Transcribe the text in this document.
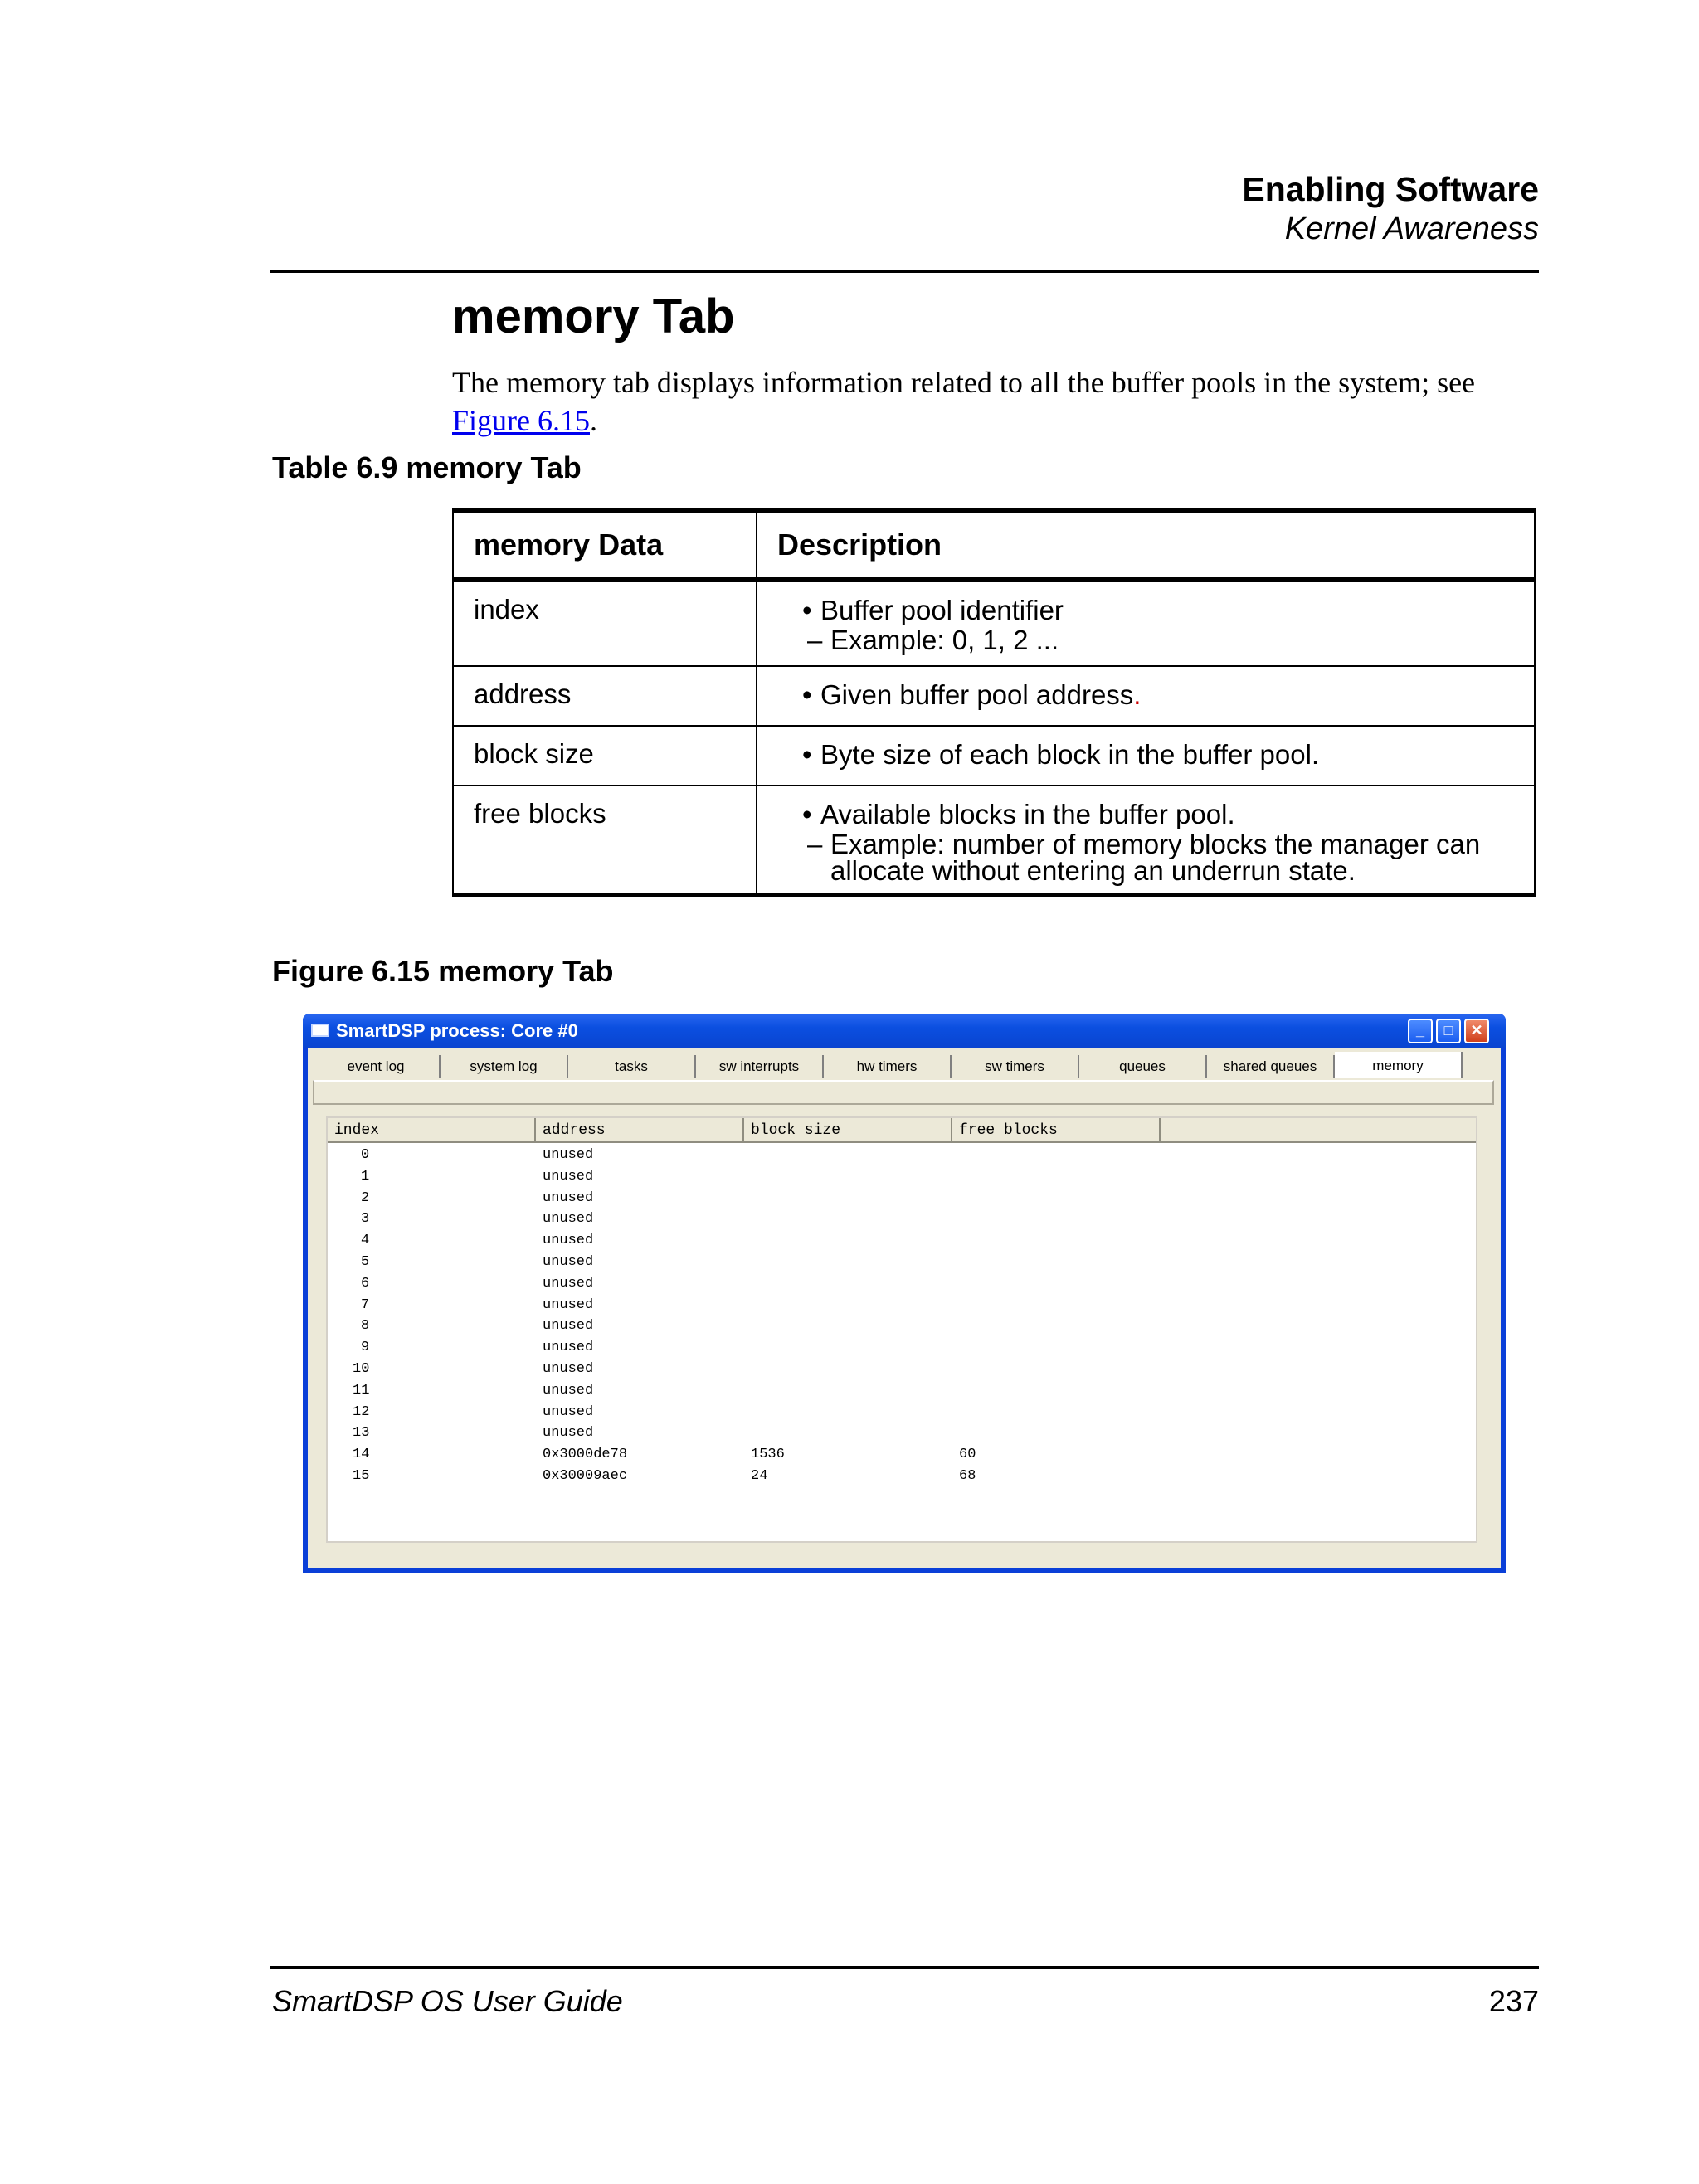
Enabling Software
Kernel Awareness
memory Tab
The memory tab displays information related to all the buffer pools in the system; see Figure 6.15.
Table 6.9 memory Tab
memory Data	Description
index	• Buffer pool identifier
– Example: 0, 1, 2 ...

address	• Given buffer pool address.

block size	• Byte size of each block in the buffer pool.

free blocks	• Available blocks in the buffer pool.
– Example: number of memory blocks the manager can allocate without entering an underrun state.
Figure 6.15 memory Tab
SmartDSP process: Core #0	_	□	✕
event log	system log	tasks	sw interrupts	hw timers	sw timers	queues	shared queues	memory
index	address	block size	free blocks
0	unused
1	unused
2	unused
3	unused
4	unused
5	unused
6	unused
7	unused
8	unused
9	unused
10	unused
11	unused
12	unused
13	unused
14	0x3000de78	1536	60
15	0x30009aec	24	68
SmartDSP OS User Guide	237
